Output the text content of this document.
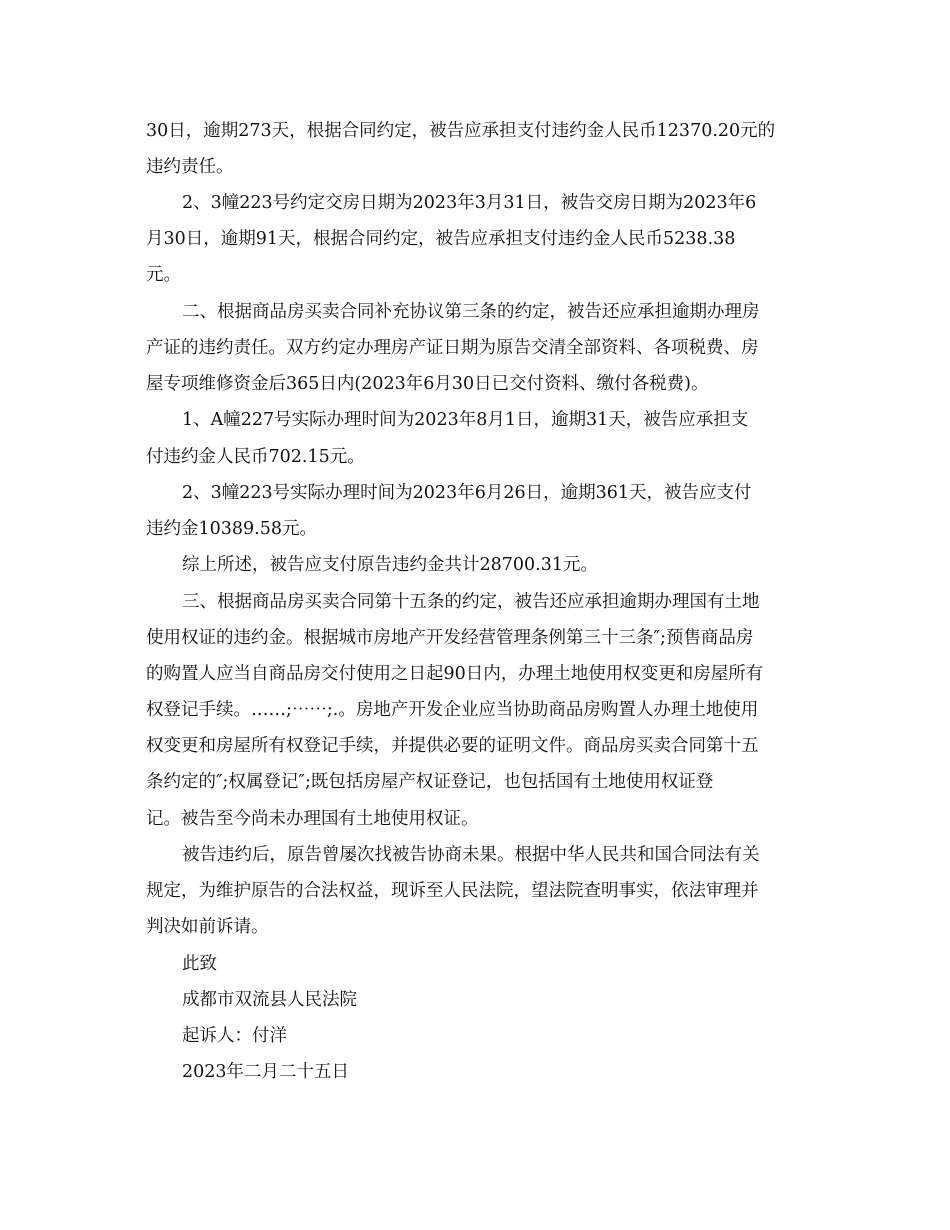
30日，逾期273天，根据合同约定，被告应承担支付违约金人民币12370.20元的
违约责任。
2、3幢223号约定交房日期为2023年3月31日，被告交房日期为2023年6
月30日，逾期91天，根据合同约定，被告应承担支付违约金人民币5238.38
元。
二、根据商品房买卖合同补充协议第三条的约定，被告还应承担逾期办理房
产证的违约责任。双方约定办理房产证日期为原告交清全部资料、各项税费、房
屋专项维修资金后365日内(2023年6月30日已交付资料、缴付各税费)。
1、A幢227号实际办理时间为2023年8月1日，逾期31天，被告应承担支
付违约金人民币702.15元。
2、3幢223号实际办理时间为2023年6月26日，逾期361天，被告应支付
违约金10389.58元。
综上所述，被告应支付原告违约金共计28700.31元。
三、根据商品房买卖合同第十五条的约定，被告还应承担逾期办理国有土地
使用权证的违约金。根据城市房地产开发经营管理条例第三十三条″;预售商品房
的购置人应当自商品房交付使用之日起90日内，办理土地使用权变更和房屋所有
权登记手续。……;⋯⋯;.。房地产开发企业应当协助商品房购置人办理土地使用
权变更和房屋所有权登记手续，并提供必要的证明文件。商品房买卖合同第十五
条约定的″;权属登记″;既包括房屋产权证登记，也包括国有土地使用权证登
记。被告至今尚未办理国有土地使用权证。
被告违约后，原告曾屡次找被告协商未果。根据中华人民共和国合同法有关
规定，为维护原告的合法权益，现诉至人民法院，望法院查明事实，依法审理并
判决如前诉请。
此致
成都市双流县人民法院
起诉人：付洋
2023年二月二十五日
